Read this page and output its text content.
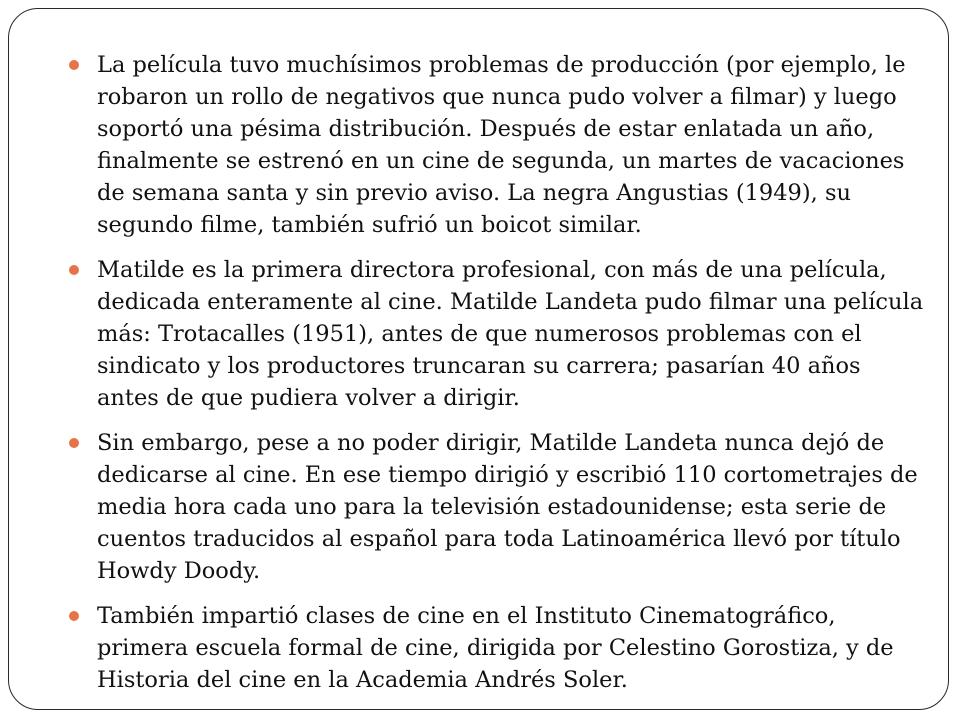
La película tuvo muchísimos problemas de producción (por ejemplo, le robaron un rollo de negativos que nunca pudo volver a filmar) y luego soportó una pésima distribución. Después de estar enlatada un año, finalmente se estrenó en un cine de segunda, un martes de vacaciones de semana santa y sin previo aviso. La negra Angustias (1949), su segundo filme, también sufrió un boicot similar.
Matilde es la primera directora profesional, con más de una película, dedicada enteramente al cine. Matilde Landeta pudo filmar una película más: Trotacalles (1951), antes de que numerosos problemas con el sindicato y los productores truncaran su carrera; pasarían 40 años antes de que pudiera volver a dirigir.
Sin embargo, pese a no poder dirigir, Matilde Landeta nunca dejó de dedicarse al cine. En ese tiempo dirigió y escribió 110 cortometrajes de media hora cada uno para la televisión estadounidense; esta serie de cuentos traducidos al español para toda Latinoamérica llevó por título Howdy Doody.
También impartió clases de cine en el Instituto Cinematográfico, primera escuela formal de cine, dirigida por Celestino Gorostiza, y de Historia del cine en la Academia Andrés Soler.
